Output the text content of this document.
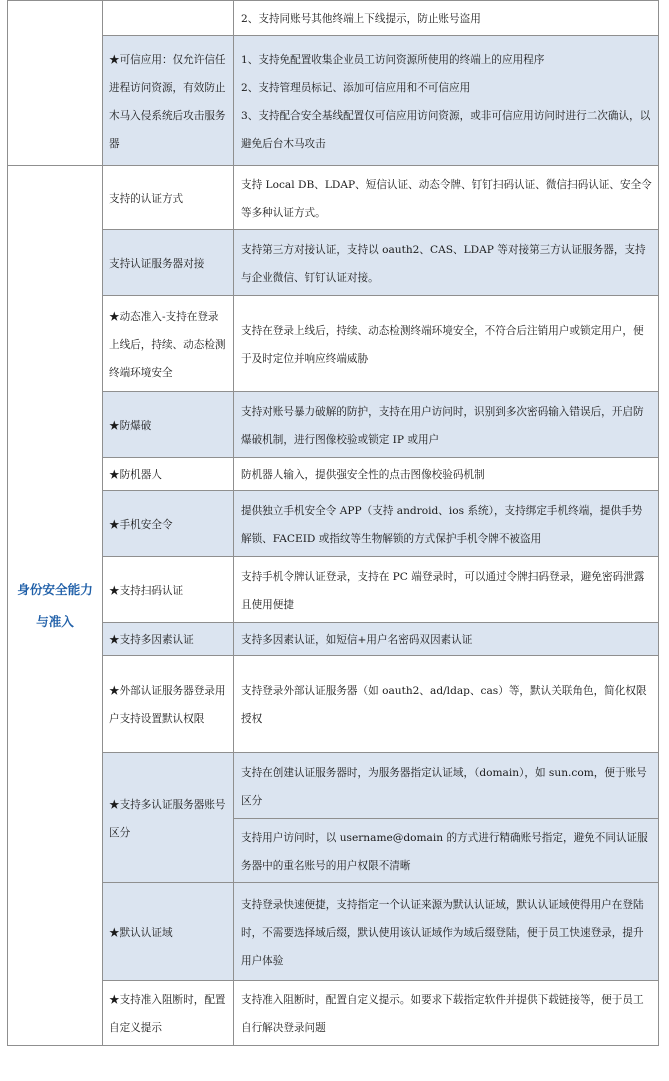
		2、支持同账号其他终端上下线提示，防止账号盗用
	★可信应用：仅允许信任进程访问资源，有效防止木马入侵系统后攻击服务器	1、支持免配置收集企业员工访问资源所使用的终端上的应用程序
2、支持管理员标记、添加可信应用和不可信应用
3、支持配合安全基线配置仅可信应用访问资源，或非可信应用访问时进行二次确认，以避免后台木马攻击

身份安全能力与准入	支持的认证方式	支持 Local DB、LDAP、短信认证、动态令牌、钉钉扫码认证、微信扫码认证、安全令等多种认证方式。
	支持认证服务器对接	支持第三方对接认证，支持以 oauth2、CAS、LDAP 等对接第三方认证服务器，支持与企业微信、钉钉认证对接。
	★动态准入-支持在登录上线后，持续、动态检测终端环境安全	支持在登录上线后，持续、动态检测终端环境安全，不符合后注销用户或锁定用户，便于及时定位并响应终端威胁
	★防爆破	支持对账号暴力破解的防护，支持在用户访问时，识别到多次密码输入错误后，开启防爆破机制，进行图像校验或锁定 IP 或用户
	★防机器人	防机器人输入，提供强安全性的点击图像校验码机制
	★手机安全令	提供独立手机安全令 APP（支持 android、ios 系统），支持绑定手机终端，提供手势解锁、FACEID 或指纹等生物解锁的方式保护手机令牌不被盗用
	★支持扫码认证	支持手机令牌认证登录，支持在 PC 端登录时，可以通过令牌扫码登录，避免密码泄露且使用便捷
	★支持多因素认证	支持多因素认证，如短信+用户名密码双因素认证
	★外部认证服务器登录用户支持设置默认权限	支持登录外部认证服务器（如 oauth2、ad/ldap、cas）等，默认关联角色，简化权限授权
	★支持多认证服务器账号区分	支持在创建认证服务器时，为服务器指定认证域，（domain），如 sun.com，便于账号区分
		支持用户访问时，以 username@domain 的方式进行精确账号指定，避免不同认证服务器中的重名账号的用户权限不清晰
	★默认认证域	支持登录快速便捷，支持指定一个认证来源为默认认证域，默认认证域使得用户在登陆时，不需要选择域后缀，默认使用该认证域作为域后缀登陆，便于员工快速登录，提升用户体验
	★支持准入阻断时，配置自定义提示	支持准入阻断时，配置自定义提示。如要求下载指定软件并提供下载链接等，便于员工自行解决登录问题
